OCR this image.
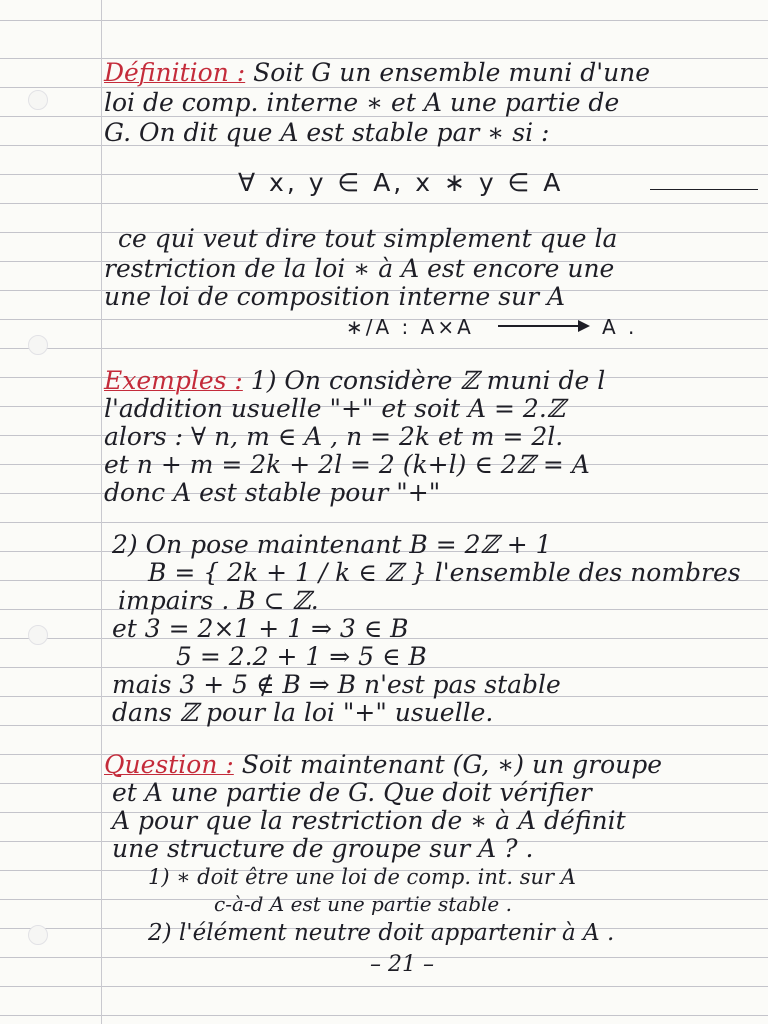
Définition : Soit G un ensemble muni d'une
loi de comp. interne ∗ et A une partie de
G. On dit que A est stable par ∗ si :
∀ x, y ∈ A, x ∗ y ∈ A
ce qui veut dire tout simplement que la
restriction de la loi ∗ à A est encore une
une loi de composition interne sur A
∗/A : A×A	A .
Exemples : 1) On considère ℤ muni de l
l'addition usuelle "+" et soit A = 2.ℤ
alors : ∀ n, m ∈ A , n = 2k et m = 2l.
et n + m = 2k + 2l = 2 (k+l) ∈ 2ℤ = A
donc A est stable pour "+"
2) On pose maintenant B = 2ℤ + 1
B = { 2k + 1 / k ∈ ℤ } l'ensemble des nombres
impairs . B ⊂ ℤ.
et 3 = 2×1 + 1 ⇒ 3 ∈ B
5 = 2.2 + 1 ⇒ 5 ∈ B
mais 3 + 5 ∉ B ⇒ B n'est pas stable
dans ℤ pour la loi "+" usuelle.
Question : Soit maintenant (G, ∗) un groupe
et A une partie de G. Que doit vérifier
A pour que la restriction de ∗ à A définit
une structure de groupe sur A ? .
1) ∗ doit être une loi de comp. int. sur A
c-à-d A est une partie stable .
2) l'élément neutre doit appartenir à A .
– 21 –
